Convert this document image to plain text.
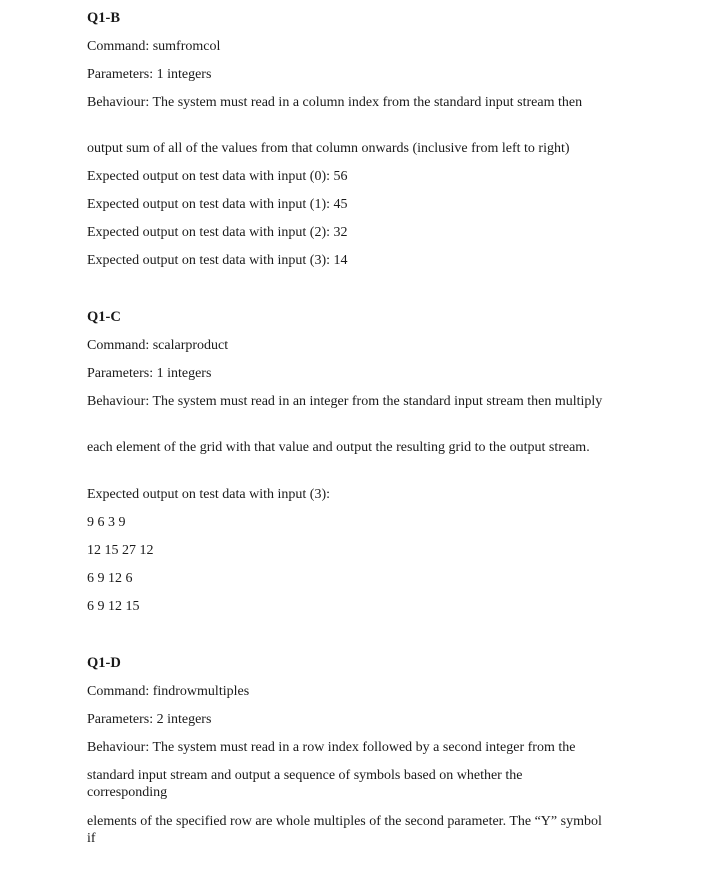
Q1-B
Command: sumfromcol
Parameters: 1 integers
Behaviour: The system must read in a column index from the standard input stream then
output sum of all of the values from that column onwards (inclusive from left to right)
Expected output on test data with input (0): 56
Expected output on test data with input (1): 45
Expected output on test data with input (2): 32
Expected output on test data with input (3): 14
Q1-C
Command: scalarproduct
Parameters: 1 integers
Behaviour: The system must read in an integer from the standard input stream then multiply
each element of the grid with that value and output the resulting grid to the output stream.
Expected output on test data with input (3):
9 6 3 9
12 15 27 12
6 9 12 6
6 9 12 15
Q1-D
Command: findrowmultiples
Parameters: 2 integers
Behaviour: The system must read in a row index followed by a second integer from the
standard input stream and output a sequence of symbols based on whether the corresponding
elements of the specified row are whole multiples of the second parameter. The “Y” symbol if
